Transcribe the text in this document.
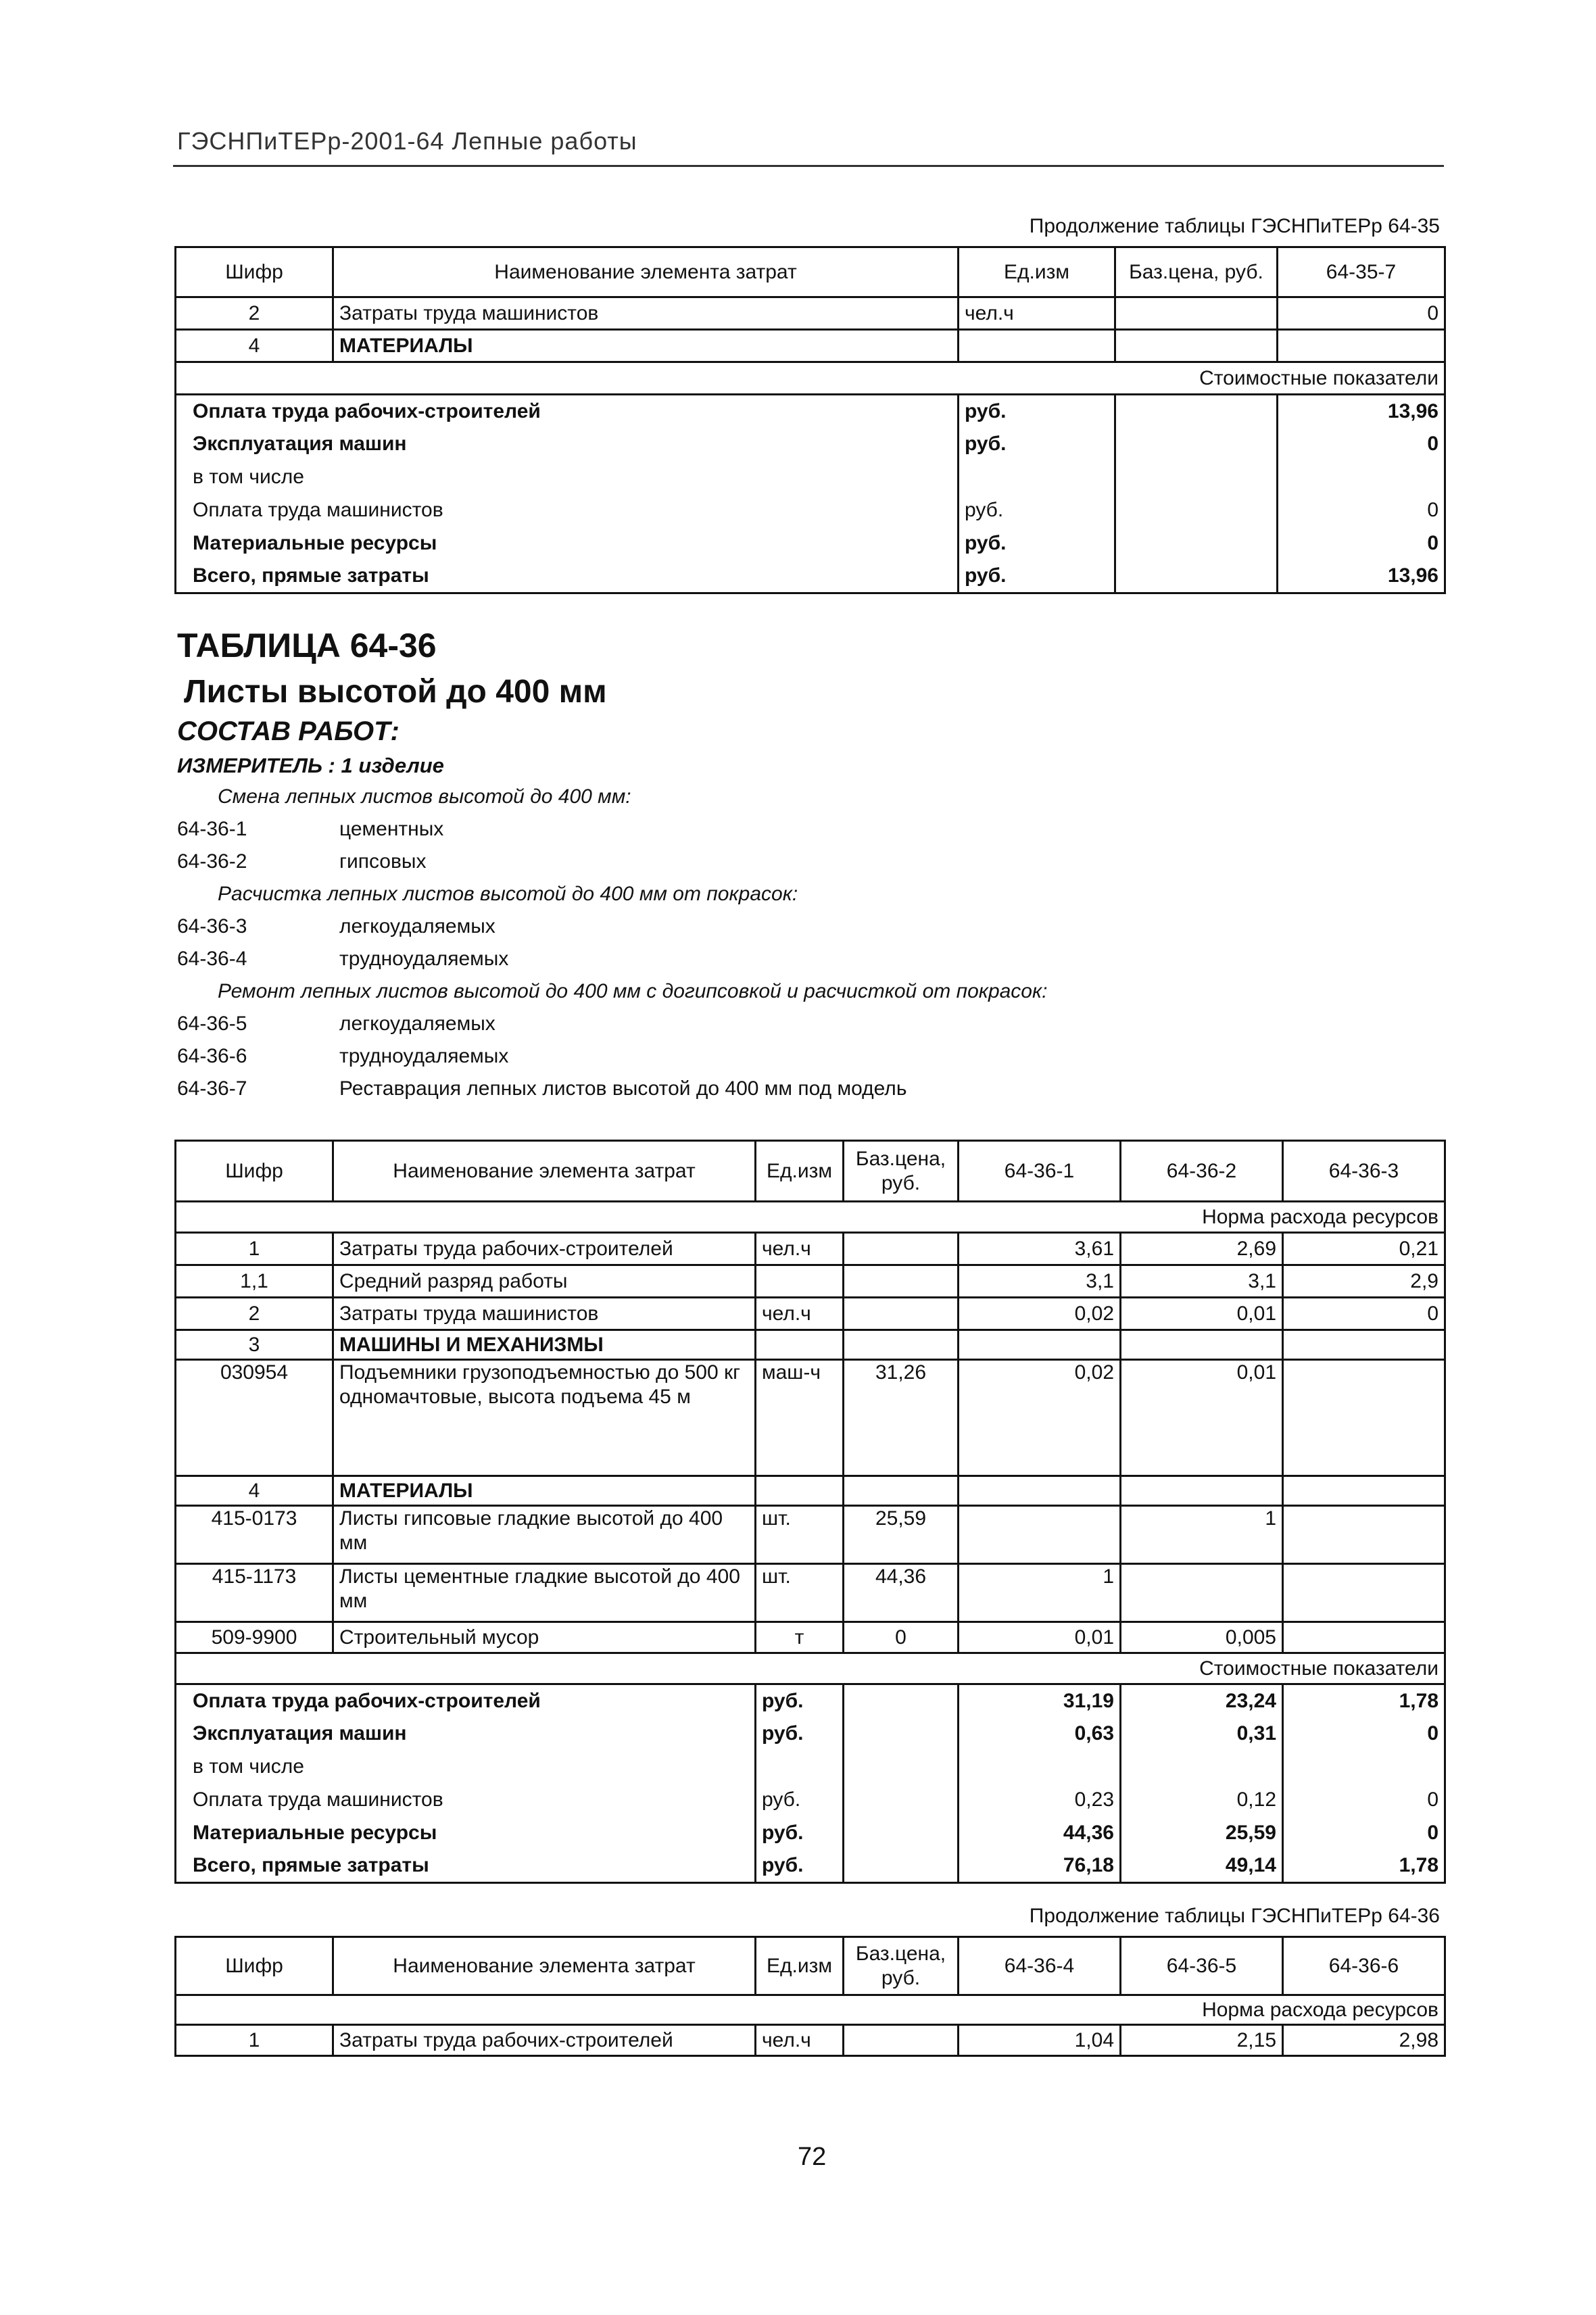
ГЭСНПиТЕРр-2001-64 Лепные работы
Продолжение таблицы ГЭСНПиТЕРр 64-35
Шифр	Наименование элемента затрат	Ед.изм	Баз.цена, руб.	64-35-7
2	Затраты труда машинистов	чел.ч		0
4	МАТЕРИАЛЫ			
Стоимостные показатели				
Оплата труда рабочих-строителей		руб.		13,96
Эксплуатация машин		руб.		0
в том числе				
Оплата труда машинистов		руб.		0
Материальные ресурсы		руб.		0
Всего, прямые затраты		руб.		13,96
ТАБЛИЦА 64-36
Листы высотой до 400 мм
СОСТАВ РАБОТ:
ИЗМЕРИТЕЛЬ : 1 изделие
Смена лепных листов высотой до 400 мм:
64-36-1	цементных
64-36-2	гипсовых
Расчистка лепных листов высотой до 400 мм от покрасок:
64-36-3	легкоудаляемых
64-36-4	трудноудаляемых
Ремонт лепных листов высотой до 400 мм с догипсовкой и расчисткой от покрасок:
64-36-5	легкоудаляемых
64-36-6	трудноудаляемых
64-36-7	Реставрация лепных листов высотой до 400 мм под модель
Шифр	Наименование элемента затрат	Ед.изм	Баз.цена, руб.	64-36-1	64-36-2	64-36-3
Норма расхода ресурсов						
1	Затраты труда рабочих-строителей	чел.ч		3,61	2,69	0,21
1,1	Средний разряд работы			3,1	3,1	2,9
2	Затраты труда машинистов	чел.ч		0,02	0,01	0
3	МАШИНЫ И МЕХАНИЗМЫ					
030954	Подъемники грузоподъемностью до 500 кг одномачтовые, высота подъема 45 м	маш-ч	31,26	0,02	0,01	
4	МАТЕРИАЛЫ					
415-0173	Листы гипсовые гладкие высотой до 400 мм	шт.	25,59		1	
415-1173	Листы цементные гладкие высотой до 400 мм	шт.	44,36	1		
509-9900	Строительный мусор	т	0	0,01	0,005	
Стоимостные показатели						
Оплата труда рабочих-строителей		руб.		31,19	23,24	1,78
Эксплуатация машин		руб.		0,63	0,31	0
в том числе						
Оплата труда машинистов		руб.		0,23	0,12	0
Материальные ресурсы		руб.		44,36	25,59	0
Всего, прямые затраты		руб.		76,18	49,14	1,78
Продолжение таблицы ГЭСНПиТЕРр 64-36
Шифр	Наименование элемента затрат	Ед.изм	Баз.цена, руб.	64-36-4	64-36-5	64-36-6
Норма расхода ресурсов						
1	Затраты труда рабочих-строителей	чел.ч		1,04	2,15	2,98
72
